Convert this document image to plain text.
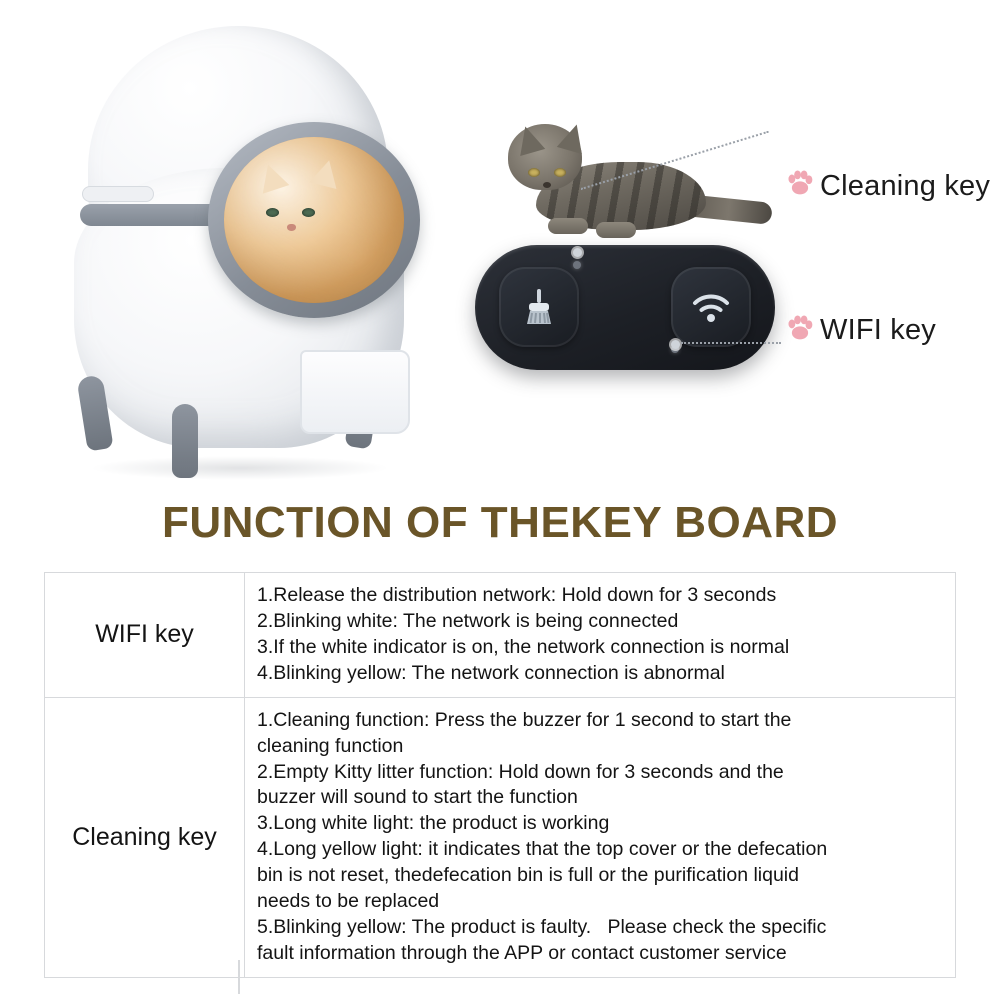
Cleaning key
WIFI key
FUNCTION OF THEKEY BOARD
WIFI key	1.Release the distribution network: Hold down for 3 seconds
2.Blinking white: The network is being connected
3.If the white indicator is on, the network connection is normal
4.Blinking yellow: The network connection is abnormal

Cleaning key	
1.Cleaning function: Press the buzzer for 1 second to start the
cleaning function
2.Empty Kitty litter function: Hold down for 3 seconds and the
buzzer will sound to start the function
3.Long white light: the product is working
4.Long yellow light: it indicates that the top cover or the defecation
bin is not reset, thedefecation bin is full or the purification liquid
needs to be replaced
5.Blinking yellow: The product is faulty.   Please check the specific
fault information through the APP or contact customer service
